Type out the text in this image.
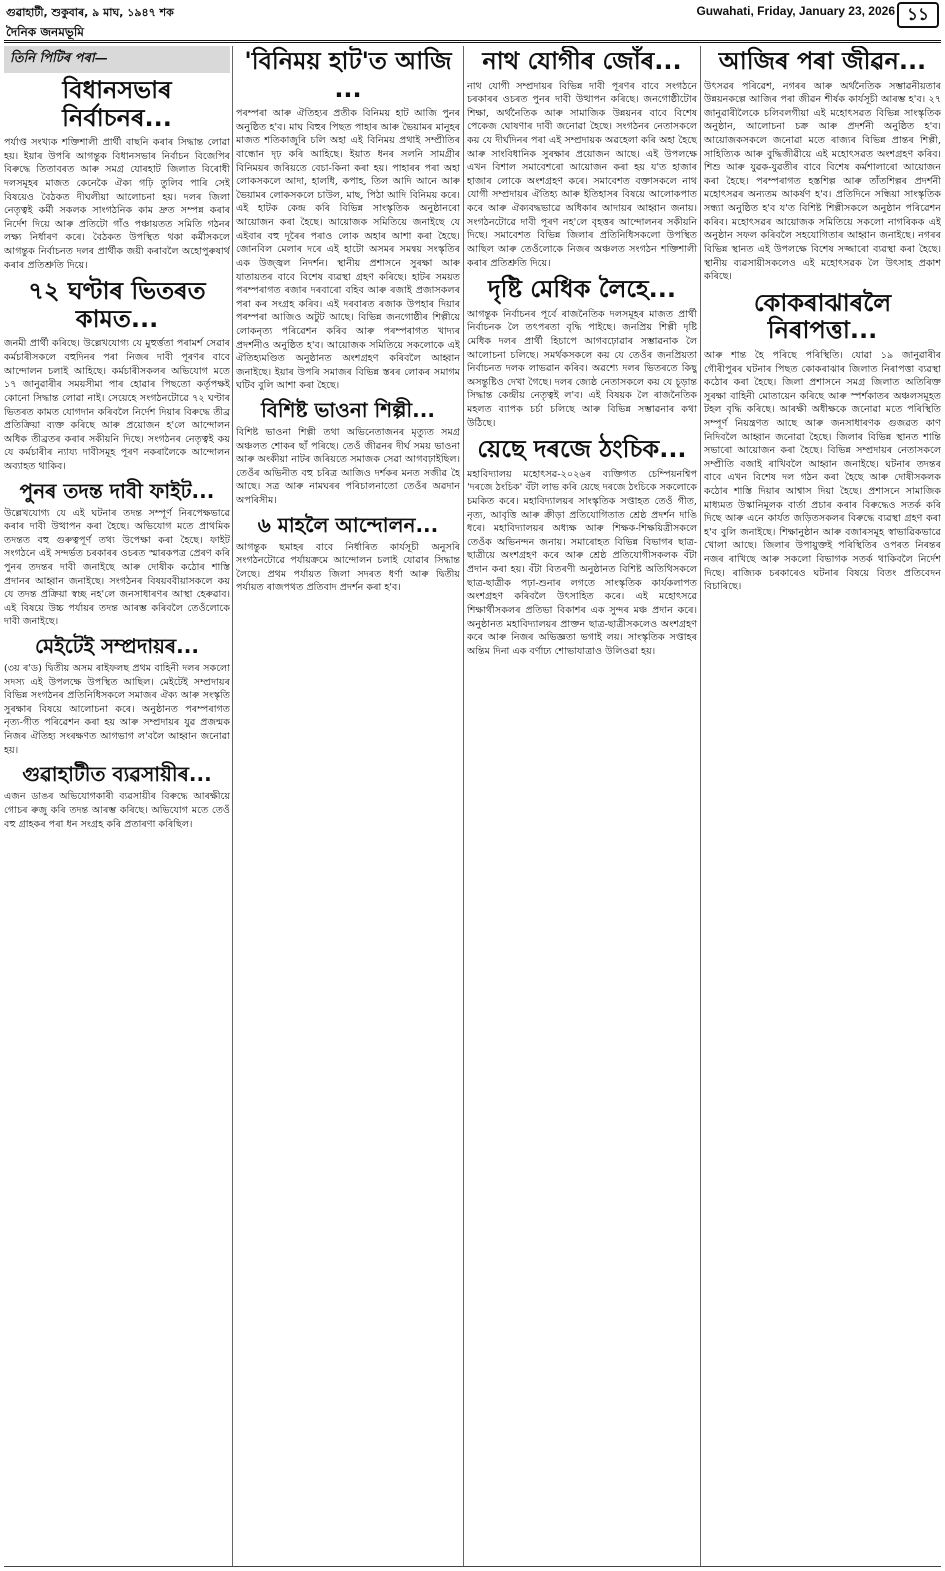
গুৱাহাটী, শুকুবাৰ, ৯ মাঘ, ১৯৪৭ শক	Guwahati, Friday, January 23, 2026 ১১
দৈনিক জনমভূমি
তিনি পিটিৰ পৰা—
বিধানসভাৰ নিৰ্বাচনৰ...

পৰ্যাপ্ত সংখ্যক শক্তিশালী প্ৰাৰ্থী বাছনি কৰাৰ সিদ্ধান্ত লোৱা হয়। ইয়াৰ উপৰি আগন্তুক বিধানসভাৰ নিৰ্বাচন বিজেপিৰ বিৰুদ্ধে তিতাবৰত আৰু সমগ্ৰ যোৰহাট জিলাত বিৰোধী দলসমূহৰ মাজত কেনেকৈ ঐক্য গঢ়ি তুলিব পাৰি সেই বিষয়েও বৈঠকত দীঘলীয়া আলোচনা হয়। দলৰ জিলা নেতৃত্বই কৰ্মী সকলক সাংগঠনিক কাম দ্ৰুত সম্পন্ন কৰাৰ নিৰ্দেশ দিয়ে আৰু প্ৰতিটো গাঁও পঞ্চায়তত সমিতি গঠনৰ লক্ষ্য নিৰ্ধাৰণ কৰে। বৈঠকত উপস্থিত থকা কৰ্মীসকলে আগন্তুক নিৰ্বাচনত দলৰ প্ৰাৰ্থীক জয়ী কৰাবলৈ অহোপুৰুষাৰ্থ কৰাৰ প্ৰতিশ্ৰুতি দিয়ে।

৭২ ঘণ্টাৰ ভিতৰত কামত...

জনমী প্ৰাৰ্থী কৰিছে। উল্লেখযোগ্য যে মুহুৰ্ত্ততা পৰামৰ্শ সেৱাৰ কৰ্মচাৰীসকলে বহুদিনৰ পৰা নিজৰ দাবী পূৰণৰ বাবে আন্দোলন চলাই আহিছে। কৰ্মচাৰীসকলৰ অভিযোগ মতে ১৭ জানুৱাৰীৰ সময়সীমা পাৰ হোৱাৰ পিছতো কৰ্তৃপক্ষই কোনো সিদ্ধান্ত লোৱা নাই। সেয়েহে সংগঠনটোৱে ৭২ ঘণ্টাৰ ভিতৰত কামত যোগদান কৰিবলৈ নিৰ্দেশ দিয়াৰ বিৰুদ্ধে তীব্ৰ প্ৰতিক্ৰিয়া ব্যক্ত কৰিছে আৰু প্ৰয়োজন হ'লে আন্দোলন অধিক তীব্ৰতৰ কৰাৰ সকীয়নি দিছে। সংগঠনৰ নেতৃত্বই কয় যে কৰ্মচাৰীৰ ন্যায্য দাবীসমূহ পূৰণ নকৰালৈকে আন্দোলন অব্যাহত থাকিব।

পুনৰ তদন্ত দাবী ফাইট...

উল্লেখযোগ্য যে এই ঘটনাৰ তদন্ত সম্পূৰ্ণ নিৰপেক্ষভাৱে কৰাৰ দাবী উত্থাপন কৰা হৈছে। অভিযোগ মতে প্ৰাথমিক তদন্তত বহু গুৰুত্বপূৰ্ণ তথ্য উপেক্ষা কৰা হৈছে। ফাইট সংগঠনে এই সন্দৰ্ভত চৰকাৰৰ ওচৰত স্মাৰকপত্ৰ প্ৰেৰণ কৰি পুনৰ তদন্তৰ দাবী জনাইছে আৰু দোষীক কঠোৰ শাস্তি প্ৰদানৰ আহ্বান জনাইছে। সংগঠনৰ বিষয়ববীয়াসকলে কয় যে তদন্ত প্ৰক্ৰিয়া স্বচ্ছ নহ'লে জনসাধাৰণৰ আস্থা হেৰুৱাব। এই বিষয়ে উচ্চ পৰ্যায়ৰ তদন্ত আৰম্ভ কৰিবলৈ তেওঁলোকে দাবী জনাইছে।

মেইটেই সম্প্ৰদায়ৰ...

(৩য় ৰ'ড) দ্বিতীয় অসম ৰাইফলছ প্ৰথম বাহিনী দলৰ সকলো সদস্য এই উপলক্ষে উপস্থিত আছিল। মেইটেই সম্প্ৰদায়ৰ বিভিন্ন সংগঠনৰ প্ৰতিনিধিসকলে সমাজৰ ঐক্য আৰু সংস্কৃতি সুৰক্ষাৰ বিষয়ে আলোচনা কৰে। অনুষ্ঠানত পৰম্পৰাগত নৃত্য-গীত পৰিৱেশন কৰা হয় আৰু সম্প্ৰদায়ৰ যুৱ প্ৰজন্মক নিজৰ ঐতিহ্য সংৰক্ষণত আগভাগ ল'বলৈ আহ্বান জনোৱা হয়।

গুৱাহাটীত ব্যৱসায়ীৰ...

এজন ডাঙৰ অভিযোগকাৰী ব্যৱসায়ীৰ বিৰুদ্ধে আৰক্ষীয়ে গোচৰ ৰুজু কৰি তদন্ত আৰম্ভ কৰিছে। অভিযোগ মতে তেওঁ বহু গ্ৰাহকৰ পৰা ধন সংগ্ৰহ কৰি প্ৰতাৰণা কৰিছিল।

'বিনিময় হাট'ত আজি ...

পৰম্পৰা আৰু ঐতিহ্যৰ প্ৰতীক বিনিময় হাট আজি পুনৰ অনুষ্ঠিত হ'ব। মাঘ বিহুৰ পিছত পাহাৰ আৰু ভৈয়ামৰ মানুহৰ মাজত শতিকাজুৰি চলি অহা এই বিনিময় প্ৰথাই সম্প্ৰীতিৰ বান্ধোন দৃঢ় কৰি আহিছে। ইয়াত ধনৰ সলনি সামগ্ৰীৰ বিনিময়ৰ জৰিয়তে বেচা-কিনা কৰা হয়। পাহাৰৰ পৰা অহা লোকসকলে আদা, হালধি, কপাহ, তিল আদি আনে আৰু ভৈয়ামৰ লোকসকলে চাউল, মাছ, পিঠা আদি বিনিময় কৰে। এই হাটক কেন্দ্ৰ কৰি বিভিন্ন সাংস্কৃতিক অনুষ্ঠানৰো আয়োজন কৰা হৈছে। আয়োজক সমিতিয়ে জনাইছে যে এইবাৰ বহু দূৰৈৰ পৰাও লোক অহাৰ আশা কৰা হৈছে। জোনবিল মেলাৰ দৰে এই হাটো অসমৰ সমন্বয় সংস্কৃতিৰ এক উজ্জ্বল নিদৰ্শন। স্থানীয় প্ৰশাসনে সুৰক্ষা আৰু যাতায়তৰ বাবে বিশেষ ব্যৱস্থা গ্ৰহণ কৰিছে। হাটৰ সময়ত পৰম্পৰাগত ৰজাৰ দৰবাৰো বহিব আৰু ৰজাই প্ৰজাসকলৰ পৰা কৰ সংগ্ৰহ কৰিব। এই দৰবাৰত ৰজাক উপহাৰ দিয়াৰ পৰম্পৰা আজিও অটুট আছে। বিভিন্ন জনগোষ্ঠীৰ শিল্পীয়ে লোকনৃত্য পৰিৱেশন কৰিব আৰু পৰম্পৰাগত খাদ্যৰ প্ৰদৰ্শনীও অনুষ্ঠিত হ'ব। আয়োজক সমিতিয়ে সকলোকে এই ঐতিহ্যমণ্ডিত অনুষ্ঠানত অংশগ্ৰহণ কৰিবলৈ আহ্বান জনাইছে। ইয়াৰ উপৰি সমাজৰ বিভিন্ন স্তৰৰ লোকৰ সমাগম ঘটিব বুলি আশা কৰা হৈছে।

বিশিষ্ট ভাওনা শিল্পী...

বিশিষ্ট ভাওনা শিল্পী তথা অভিনেতাজনৰ মৃত্যুত সমগ্ৰ অঞ্চলত শোকৰ ছাঁ পৰিছে। তেওঁ জীৱনৰ দীৰ্ঘ সময় ভাওনা আৰু অংকীয়া নাটৰ জৰিয়তে সমাজক সেৱা আগবঢ়াইছিল। তেওঁৰ অভিনীত বহু চৰিত্ৰ আজিও দৰ্শকৰ মনত সজীৱ হৈ আছে। সত্ৰ আৰু নামঘৰৰ পৰিচালনাতো তেওঁৰ অৱদান অপৰিসীম।

৬ মাহলৈ আন্দোলন...

আগন্তুক ছমাহৰ বাবে নিৰ্ধাৰিত কাৰ্যসূচী অনুসৰি সংগঠনটোৱে পৰ্যায়ক্ৰমে আন্দোলন চলাই যোৱাৰ সিদ্ধান্ত লৈছে। প্ৰথম পৰ্যায়ত জিলা সদৰত ধৰ্ণা আৰু দ্বিতীয় পৰ্যায়ত ৰাজপথত প্ৰতিবাদ প্ৰদৰ্শন কৰা হ'ব।

নাথ যোগীৰ জোঁৰ...

নাথ যোগী সম্প্ৰদায়ৰ বিভিন্ন দাবী পূৰণৰ বাবে সংগঠনে চৰকাৰৰ ওচৰত পুনৰ দাবী উত্থাপন কৰিছে। জনগোষ্ঠীটোৰ শিক্ষা, অৰ্থনৈতিক আৰু সামাজিক উন্নয়নৰ বাবে বিশেষ পেকেজ ঘোষণাৰ দাবী জনোৱা হৈছে। সংগঠনৰ নেতাসকলে কয় যে দীৰ্ঘদিনৰ পৰা এই সম্প্ৰদায়ক অৱহেলা কৰি অহা হৈছে আৰু সাংবিধানিক সুৰক্ষাৰ প্ৰয়োজন আছে। এই উপলক্ষে এখন বিশাল সমাবেশৰো আয়োজন কৰা হয় য'ত হাজাৰ হাজাৰ লোকে অংশগ্ৰহণ কৰে। সমাবেশত বক্তাসকলে নাথ যোগী সম্প্ৰদায়ৰ ঐতিহ্য আৰু ইতিহাসৰ বিষয়ে আলোকপাত কৰে আৰু ঐক্যবদ্ধভাৱে অধিকাৰ আদায়ৰ আহ্বান জনায়। সংগঠনটোৱে দাবী পূৰণ নহ'লে বৃহত্তৰ আন্দোলনৰ সকীয়নি দিছে। সমাবেশত বিভিন্ন জিলাৰ প্ৰতিনিধিসকলো উপস্থিত আছিল আৰু তেওঁলোকে নিজৰ অঞ্চলত সংগঠন শক্তিশালী কৰাৰ প্ৰতিশ্ৰুতি দিয়ে।

দৃষ্টি মেধিক লৈহে...

আগন্তুক নিৰ্বাচনৰ পূৰ্বে ৰাজনৈতিক দলসমূহৰ মাজত প্ৰাৰ্থী নিৰ্বাচনক লৈ তৎপৰতা বৃদ্ধি পাইছে। জনপ্ৰিয় শিল্পী দৃষ্টি মেধিক দলৰ প্ৰাৰ্থী হিচাপে আগবঢ়োৱাৰ সম্ভাৱনাক লৈ আলোচনা চলিছে। সমৰ্থকসকলে কয় যে তেওঁৰ জনপ্ৰিয়তা নিৰ্বাচনত দলক লাভৱান কৰিব। অৱশ্যে দলৰ ভিতৰতে কিছু অসন্তুষ্টিও দেখা গৈছে। দলৰ জ্যেষ্ঠ নেতাসকলে কয় যে চূড়ান্ত সিদ্ধান্ত কেন্দ্ৰীয় নেতৃত্বই ল'ব। এই বিষয়ক লৈ ৰাজনৈতিক মহলত ব্যাপক চৰ্চা চলিছে আৰু বিভিন্ন সম্ভাৱনাৰ কথা উঠিছে।

য়েছে দৰজে ঠংচিক...

মহাবিদ্যালয় মহোৎসৱ-২০২৬ৰ ব্যক্তিগত চেম্পিয়নশ্বিপ 'দৰজে ঠংচিক' বঁটা লাভ কৰি য়েছে দৰজে ঠংচিকে সকলোকে চমকিত কৰে। মহাবিদ্যালয়ৰ সাংস্কৃতিক সপ্তাহত তেওঁ গীত, নৃত্য, আবৃত্তি আৰু ক্ৰীড়া প্ৰতিযোগিতাত শ্ৰেষ্ঠ প্ৰদৰ্শন দাঙি ধৰে। মহাবিদ্যালয়ৰ অধ্যক্ষ আৰু শিক্ষক-শিক্ষয়িত্ৰীসকলে তেওঁক অভিনন্দন জনায়। সমাৰোহত বিভিন্ন বিভাগৰ ছাত্ৰ-ছাত্ৰীয়ে অংশগ্ৰহণ কৰে আৰু শ্ৰেষ্ঠ প্ৰতিযোগীসকলক বঁটা প্ৰদান কৰা হয়। বঁটা বিতৰণী অনুষ্ঠানত বিশিষ্ট অতিথিসকলে ছাত্ৰ-ছাত্ৰীক পঢ়া-শুনাৰ লগতে সাংস্কৃতিক কাৰ্যকলাপত অংশগ্ৰহণ কৰিবলৈ উৎসাহিত কৰে। এই মহোৎসৱে শিক্ষাৰ্থীসকলৰ প্ৰতিভা বিকাশৰ এক সুন্দৰ মঞ্চ প্ৰদান কৰে। অনুষ্ঠানত মহাবিদ্যালয়ৰ প্ৰাক্তন ছাত্ৰ-ছাত্ৰীসকলেও অংশগ্ৰহণ কৰে আৰু নিজৰ অভিজ্ঞতা ভগাই লয়। সাংস্কৃতিক সপ্তাহৰ অন্তিম দিনা এক বৰ্ণাঢ্য শোভাযাত্ৰাও উলিওৱা হয়।

আজিৰ পৰা জীৱন...

উৎসৱৰ পৰিৱেশ, নগৰৰ আৰু অৰ্থনৈতিক সম্ভাৱনীয়তাৰ উন্নয়নকল্পে আজিৰ পৰা জীৱন শীৰ্ষক কাৰ্যসূচী আৰম্ভ হ'ব। ২৭ জানুৱাৰীলৈকে চলিবলগীয়া এই মহোৎসৱত বিভিন্ন সাংস্কৃতিক অনুষ্ঠান, আলোচনা চক্ৰ আৰু প্ৰদৰ্শনী অনুষ্ঠিত হ'ব। আয়োজকসকলে জনোৱা মতে ৰাজ্যৰ বিভিন্ন প্ৰান্তৰ শিল্পী, সাহিত্যিক আৰু বুদ্ধিজীৱীয়ে এই মহোৎসৱত অংশগ্ৰহণ কৰিব। শিশু আৰু যুৱক-যুৱতীৰ বাবে বিশেষ কৰ্মশালাৰো আয়োজন কৰা হৈছে। পৰম্পৰাগত হস্তশিল্প আৰু তাঁতশিল্পৰ প্ৰদৰ্শনী মহোৎসৱৰ অন্যতম আকৰ্ষণ হ'ব। প্ৰতিদিনে সন্ধিয়া সাংস্কৃতিক সন্ধ্যা অনুষ্ঠিত হ'ব য'ত বিশিষ্ট শিল্পীসকলে অনুষ্ঠান পৰিৱেশন কৰিব। মহোৎসৱৰ আয়োজক সমিতিয়ে সকলো নাগৰিকক এই অনুষ্ঠান সফল কৰিবলৈ সহযোগিতাৰ আহ্বান জনাইছে। নগৰৰ বিভিন্ন স্থানত এই উপলক্ষে বিশেষ সজ্জাৰো ব্যৱস্থা কৰা হৈছে। স্থানীয় ব্যৱসায়ীসকলেও এই মহোৎসৱক লৈ উৎসাহ প্ৰকাশ কৰিছে।

কোকৰাঝাৰলৈ নিৰাপত্তা...

আৰু শান্ত হৈ পৰিছে পৰিস্থিতি। যোৱা ১৯ জানুৱাৰীৰ গৌৰীপুৰৰ ঘটনাৰ পিছত কোকৰাঝাৰ জিলাত নিৰাপত্তা ব্যৱস্থা কঠোৰ কৰা হৈছে। জিলা প্ৰশাসনে সমগ্ৰ জিলাত অতিৰিক্ত সুৰক্ষা বাহিনী মোতায়েন কৰিছে আৰু স্পৰ্শকাতৰ অঞ্চলসমূহত টহল বৃদ্ধি কৰিছে। আৰক্ষী অধীক্ষকে জনোৱা মতে পৰিস্থিতি সম্পূৰ্ণ নিয়ন্ত্ৰণত আছে আৰু জনসাধাৰণক গুজৱত কাণ নিদিবলৈ আহ্বান জনোৱা হৈছে। জিলাৰ বিভিন্ন স্থানত শান্তি সভাৰো আয়োজন কৰা হৈছে। বিভিন্ন সম্প্ৰদায়ৰ নেতাসকলে সম্প্ৰীতি বজাই ৰাখিবলৈ আহ্বান জনাইছে। ঘটনাৰ তদন্তৰ বাবে এখন বিশেষ দল গঠন কৰা হৈছে আৰু দোষীসকলক কঠোৰ শাস্তি দিয়াৰ আশ্বাস দিয়া হৈছে। প্ৰশাসনে সামাজিক মাধ্যমত উস্কানিমূলক বাৰ্তা প্ৰচাৰ কৰাৰ বিৰুদ্ধেও সতৰ্ক কৰি দিছে আৰু এনে কাৰ্যত জড়িতসকলৰ বিৰুদ্ধে ব্যৱস্থা গ্ৰহণ কৰা হ'ব বুলি জনাইছে। শিক্ষানুষ্ঠান আৰু বজাৰসমূহ স্বাভাৱিকভাৱে খোলা আছে। জিলাৰ উপায়ুক্তই পৰিস্থিতিৰ ওপৰত নিৰন্তৰ নজৰ ৰাখিছে আৰু সকলো বিভাগক সতৰ্ক থাকিবলৈ নিৰ্দেশ দিছে। ৰাজ্যিক চৰকাৰেও ঘটনাৰ বিষয়ে বিতং প্ৰতিবেদন বিচাৰিছে।
